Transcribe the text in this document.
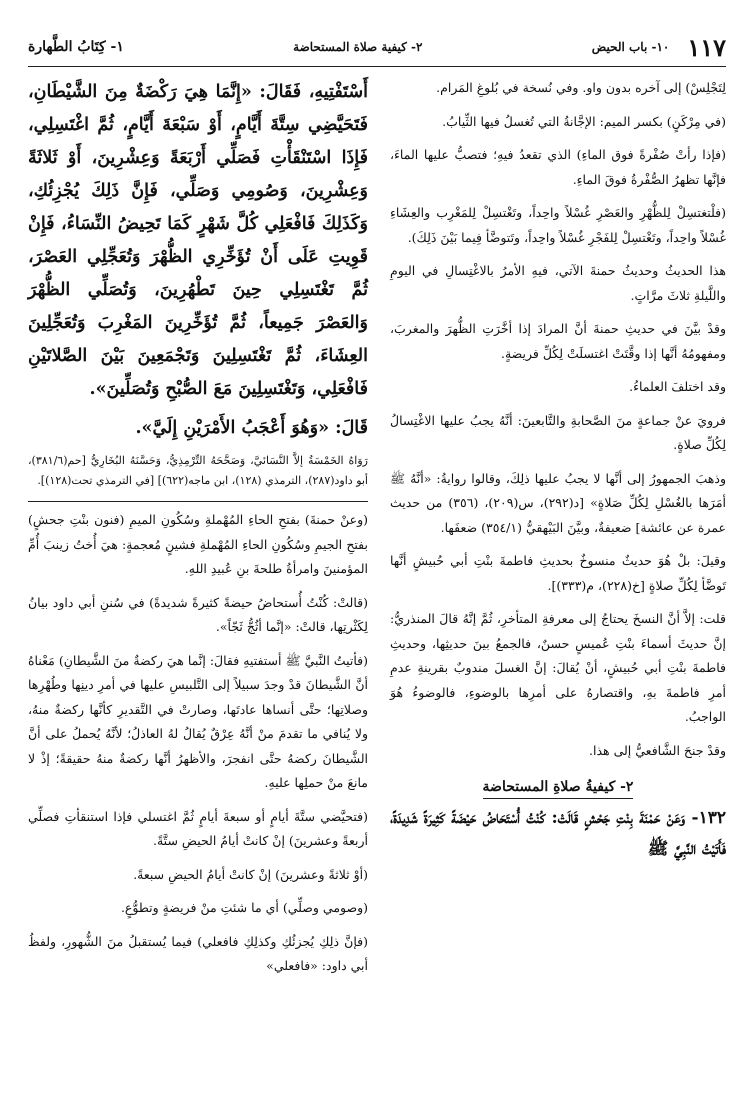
١١٧
١٠- باب الحيض
٢- كيفية صلاة المستحاضة
١- كِتَابُ الطَّهارة

لِتَجْلِسْ) إلى آخره بدون واو. وفي نُسخة في بُلوغِ المَرام.

(في مِرْكَنٍ) بكسر الميم: الإجَّانةُ التي تُغسلُ فيها الثِّيابُ.

(فإذا رأتْ صُفْرةً فوق الماءِ) الذي تقعدُ فيهِ؛ فتصبُّ عليها الماءَ، فإنَّها تظهرُ الصُّفْرةُ فوقَ الماءِ.

(فلْتغتسِلْ لِلظُّهْرِ والعَصْرِ غُسْلاً واحِداً، وتَغْتسِلْ لِلمَغْرِب والعِشَاءِ غُسْلاً واحِداً، وتَغْتسِلْ لِلفَجْرِ غُسْلاً واحِداً، وتَتوضَّأ فِيما بَيْنَ ذَلِكَ).

هذا الحديثُ وحديثُ حمنةَ الآتي، فيهِ الأمرُ بالاغْتِسالِ في اليومِ واللَّيلةِ ثلاثَ مرَّاتٍ.

وقدْ بيَّنَ في حديثِ حمنةَ أنَّ المرادَ إذا أخَّرَتِ الظُّهرَ والمغربَ، ومفهومُهُ أنَّها إذا وقَّتَتْ اغتسلَتْ لِكُلِّ فريضةٍ.

وقد اختلفَ العلماءُ.

فرويَ عنْ جماعةٍ منَ الصَّحابةِ والتَّابعينَ: أنَّهُ يجبُ عليها الاغْتِسالُ لِكُلِّ صلاةٍ.

وذهبَ الجمهورُ إلى أنَّها لا يجبُ عليها ذلِكَ، وقالوا روايةُ: «أنَّهُ ﷺ أمَرَها بالغُسْلِ لِكُلِّ صَلاةٍ» [د(٢٩٢)، س(٢٠٩)، (٣٥٦) من حديث عمرة عن عائشة] ضعيفةٌ، وبيَّنَ البَيْهقيُّ (٣٥٤/١) ضعفَها.

وقيلَ: بلْ هُوَ حديثٌ منسوخٌ بحديثِ فاطمةَ بنْتِ أبي حُبيشٍ أنَّها تَوضَّأ لِكُلِّ صلاةٍ [خ(٢٢٨)، م(٣٣٣)].

قلت: إلاَّ أنَّ النسخَ يحتاجُ إلى معرفةِ المتأخرِ، ثُمَّ إنَّهُ قالَ المنذريُّ: إنَّ حديثَ أسماءَ بنْتِ عُميسٍ حسنٌ، فالجمعُ بينَ حديثِها، وحديثِ فاطمةَ بنْتِ أبي حُبيشٍ، أنْ يُقالَ: إنَّ الغسلَ مندوبٌ بقرينةِ عدمِ أمرِ فاطمةَ بهِ، واقتصارهُ على أمرِها بالوضوءِ، فالوضوءُ هُوَ الواجبُ.

وقدْ جنحَ الشَّافعيُّ إلى هذا.

٢- كيفيةُ صلاةِ المستحاضة

١٣٢- وَعَنْ حَمْنَةَ بِنْتِ جَحْشٍ قَالَتْ: كُنْتُ أُسْتَحَاضُ حَيْضَةً كَثِيرَةً شَدِيدَةً، فَأَتَيْتُ النَّبِيَّ ﷺ

أَسْتَفْتِيهِ، فَقَالَ: «إِنَّمَا هِيَ رَكْضَةٌ مِنَ الشَّيْطَانِ، فَتَحَيَّضِي سِتَّةَ أَيَّامٍ، أَوْ سَبْعَةَ أَيَّامٍ، ثُمَّ اغْتَسِلِي، فَإِذَا اسْتَنْقَأْتِ فَصَلِّي أَرْبَعَةً وَعِشْرِينَ، أَوْ ثَلاثَةً وَعِشْرِينَ، وَصُومِي وَصَلِّي، فَإِنَّ ذَلِكَ يُجْزِئُكِ، وَكَذَلِكَ فَافْعَلِي كُلَّ شَهْرٍ كَمَا تَحِيضُ النِّسَاءُ، فَإِنْ قَوِيتِ عَلَى أَنْ تُؤَخِّرِي الظُّهْرَ وَتُعَجِّلِي العَصْرَ، ثُمَّ تَغْتَسِلِي حِينَ تَطْهُرِينَ، وَتُصَلِّي الظُّهْرَ وَالعَصْرَ جَمِيعاً، ثُمَّ تُؤَخِّرِينَ المَغْرِبَ وَتُعَجِّلِينَ العِشَاءَ، ثُمَّ تَغْتَسِلِينَ وَتَجْمَعِينَ بَيْنَ الصَّلاتَيْنِ فَافْعَلِي، وَتَغْتَسِلِينَ مَعَ الصُّبْحِ وَتُصَلِّينَ».

قَالَ: «وَهُوَ أَعْجَبُ الأَمْرَيْنِ إِلَيَّ».

رَوَاهُ الخَمْسَةُ إلاَّ النَّسَائيَّ، وَصَحَّحَهُ التِّرْمِذِيُّ، وَحَسَّنَهُ البُخَارِيُّ [حم(٣٨١/٦)، أبو داود(٢٨٧)، الترمذي (١٢٨)، ابن ماجه(٦٢٢)] [في الترمذي تحت(١٢٨)].

(وعنْ حمنةَ) بفتحِ الحاءِ المُهْملةِ وسُكُونِ الميمِ (فنون بنْتِ جحشٍ) بفتحِ الجيمِ وسُكُونِ الحاءِ المُهْملةِ فشينٍ مُعجمةٍ: هيَ أُختُ زينبَ أُمِّ المؤمنينَ وامرأةُ طلحةَ بنِ عُبيدِ اللهِ.

(قالتْ: كُنْتُ أُستحاضُ حيضةً كثيرةً شديدةً) في سُننِ أبي داود بيانُ لِكَثْرتِها، قالتْ: «إنَّما أثُجُّ ثَجّاً».

(فأتيتُ النَّبيَّ ﷺ أستفتيهِ فقالَ: إنَّما هيَ ركضةٌ منَ الشَّيطانِ) مَعْناهُ أنَّ الشَّيطانَ قدْ وجدَ سبيلاً إلى التَّلبيسِ عليها في أمرِ دينِها وطُهْرِها وصلاتِها؛ حتَّى أنساها عادتَها، وصارتْ في التَّقديرِ كأنَّها ركضةٌ منهُ، ولا يُنافي ما تقدمَ منْ أنَّهُ عِرْقٌ يُقالُ لهُ العاذلُ؛ لأنَّهُ يُحملُ على أنَّ الشَّيطانَ ركضهُ حتَّى انفجرَ، والأظهرُ أنَّها ركضةٌ منهُ حقيقةً؛ إذْ لا مانعَ منْ حملِها عليهِ.

(فتحيَّضي ستَّةَ أيامٍ أو سبعةَ أيامٍ ثُمَّ اغتسلي فإذا استنقأتِ فصلِّي أربعةً وعشرينَ) إنْ كانتْ أيامُ الحيضِ ستَّةً.

(أوْ ثلاثةً وعشرينَ) إنْ كانتْ أيامُ الحيضِ سبعةً.

(وصومي وصلِّي) أي ما شئتِ منْ فريضةٍ وتطوُّعٍ.

(فإنَّ ذلِكِ يُجزئُكِ وكذلِكِ فافعلي) فيما يُستقبلُ منَ الشُّهورِ، ولفظُ أبي داود: «فافعلي»
